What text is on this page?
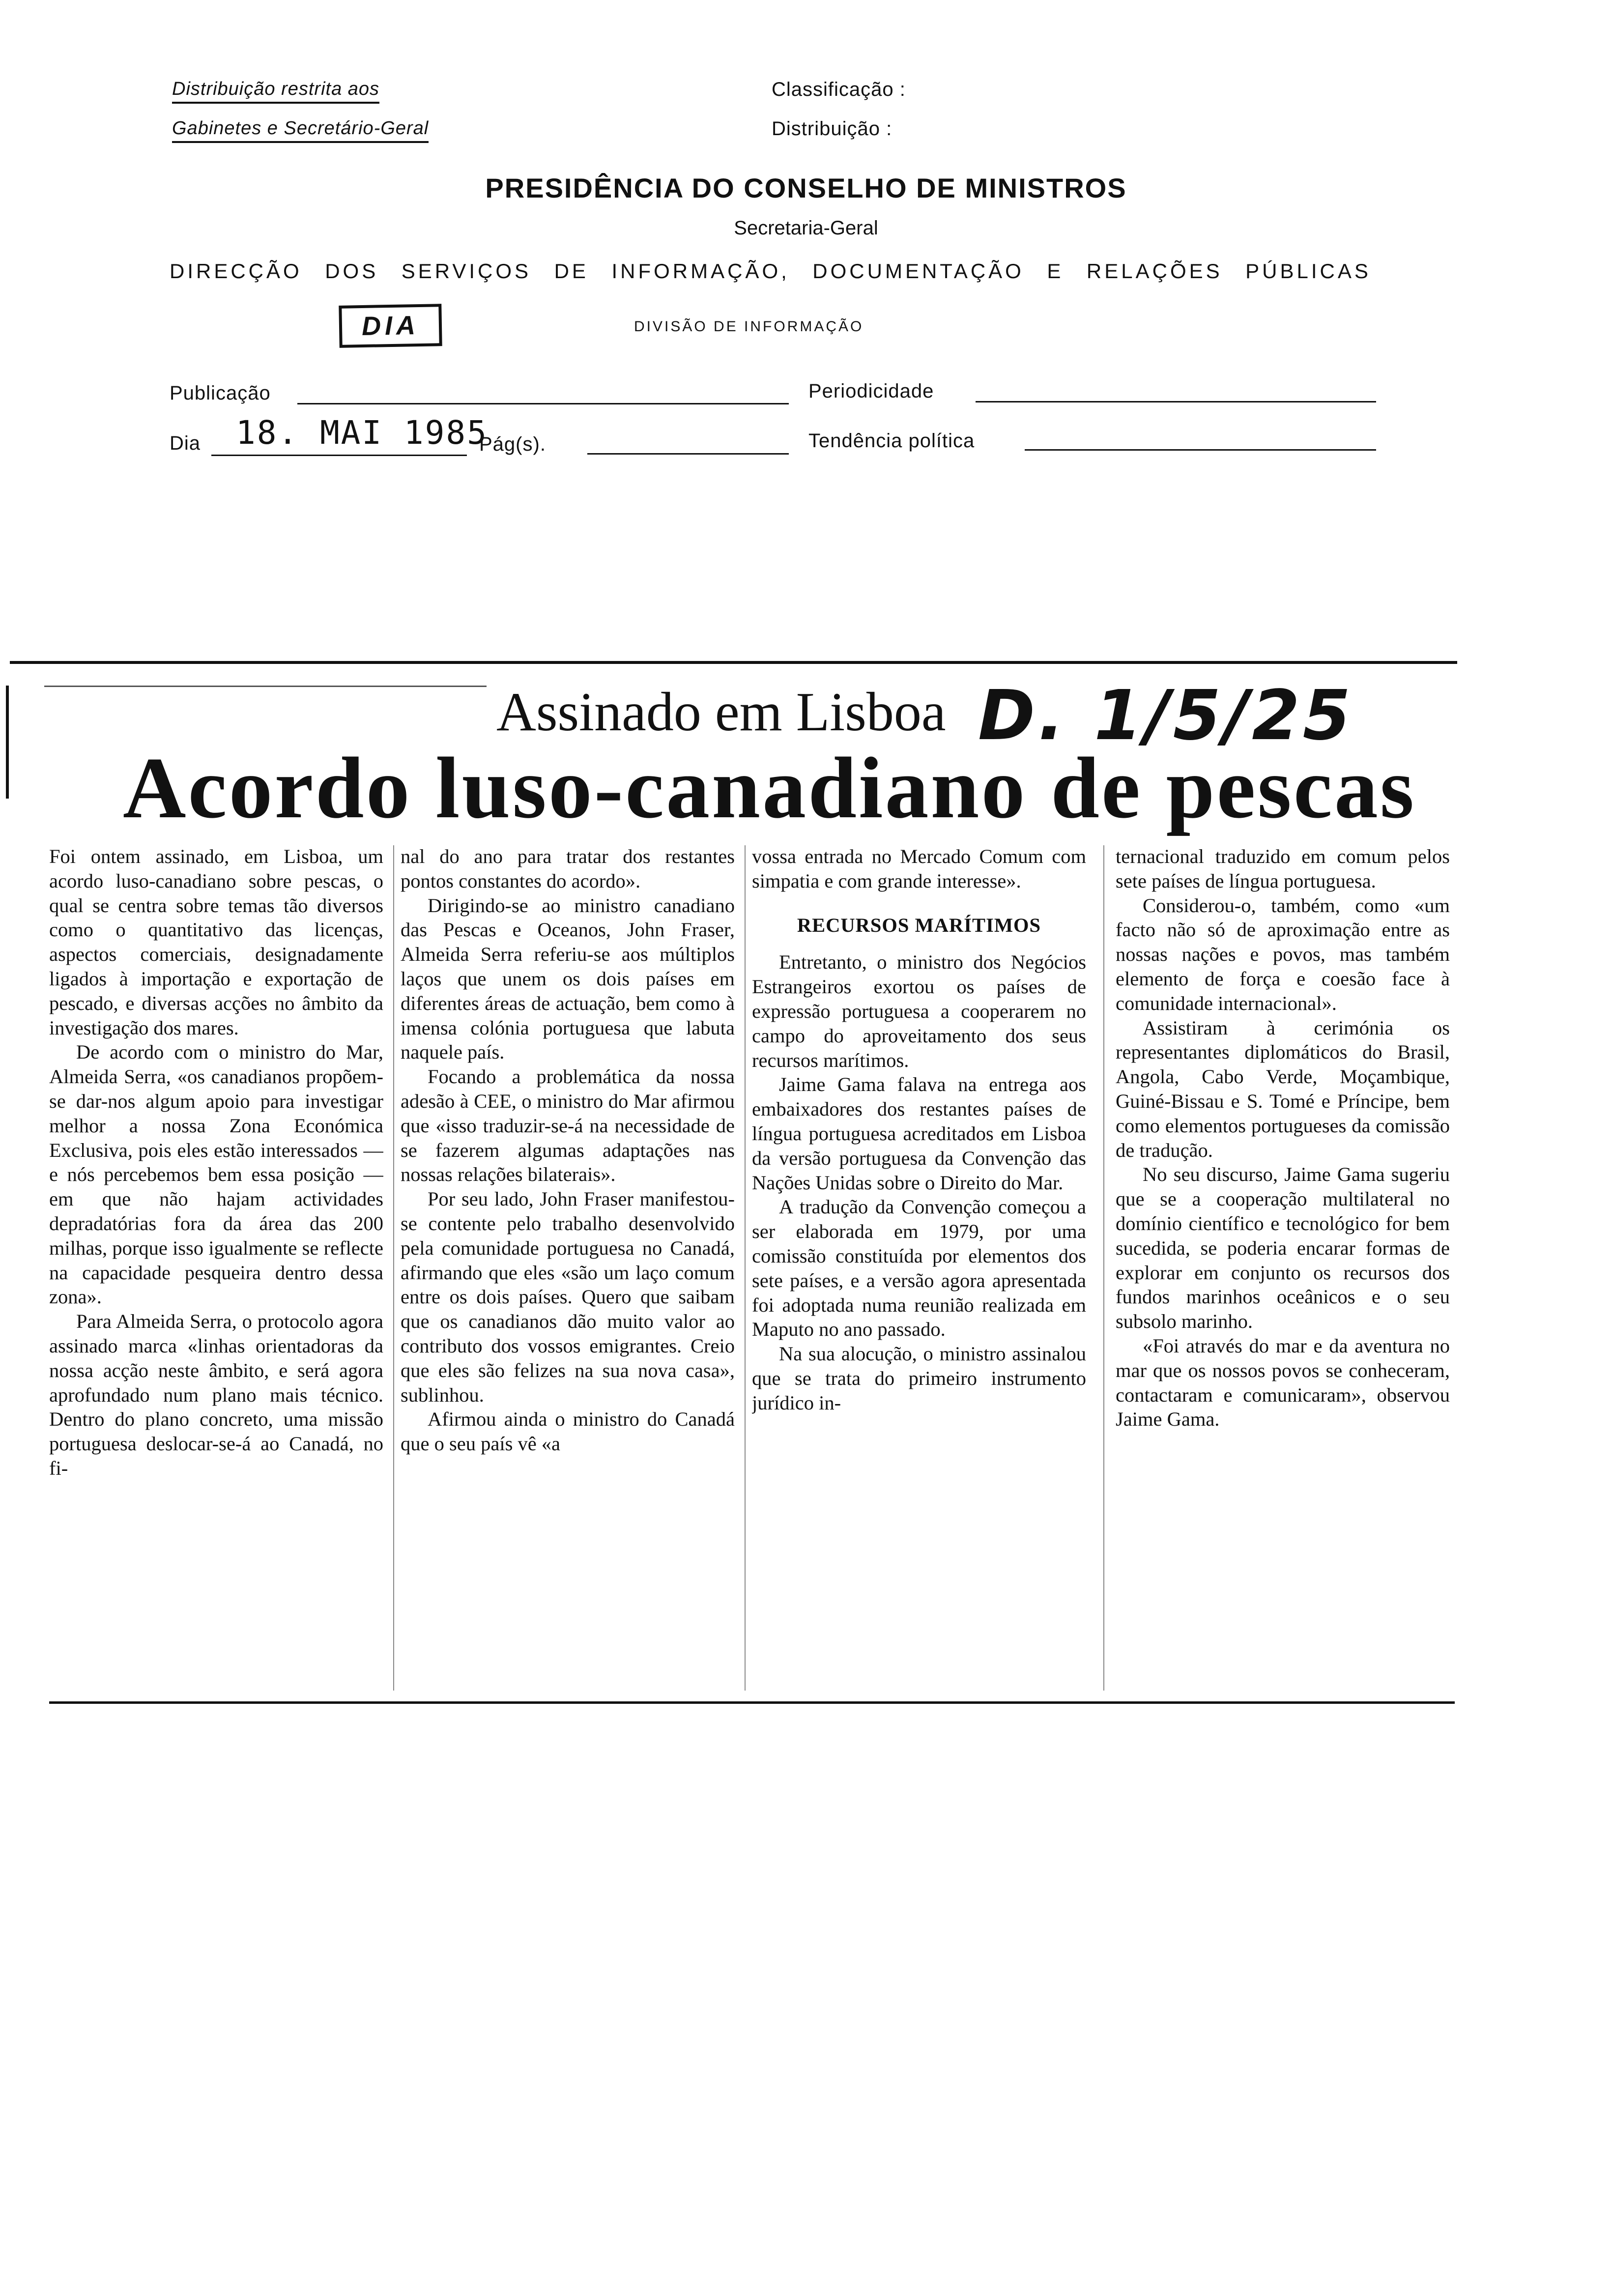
Distribuição restrita aos
Gabinetes e Secretário-Geral
Classificação :
Distribuição :
PRESIDÊNCIA DO CONSELHO DE MINISTROS
Secretaria-Geral
DIRECÇÃO DOS SERVIÇOS DE INFORMAÇÃO, DOCUMENTAÇÃO E RELAÇÕES PÚBLICAS
DIA	DIVISÃO DE INFORMAÇÃO
Publicação	Periodicidade
Dia 18. MAI 1985
Pág(s).	Tendência política
Assinado em Lisboa D. 1/5/25
Acordo luso-canadiano de pescas

Foi ontem assinado, em Lisboa, um acordo luso-canadiano sobre pescas, o qual se centra sobre temas tão diversos como o quantitativo das licenças, aspectos comerciais, designadamente ligados à importação e exportação de pescado, e diversas acções no âmbito da investigação dos mares.

De acordo com o ministro do Mar, Almeida Serra, «os canadianos propõem-se dar-nos algum apoio para investigar melhor a nossa Zona Económica Exclusiva, pois eles estão interessados — e nós percebemos bem essa posição — em que não hajam actividades depradatórias fora da área das 200 milhas, porque isso igualmente se reflecte na capacidade pesqueira dentro dessa zona».

Para Almeida Serra, o protocolo agora assinado marca «linhas orientadoras da nossa acção neste âmbito, e será agora aprofundado num plano mais técnico. Dentro do plano concreto, uma missão portuguesa deslocar-se-á ao Canadá, no fi-

nal do ano para tratar dos restantes pontos constantes do acordo».

Dirigindo-se ao ministro canadiano das Pescas e Oceanos, John Fraser, Almeida Serra referiu-se aos múltiplos laços que unem os dois países em diferentes áreas de actuação, bem como à imensa colónia portuguesa que labuta naquele país.

Focando a problemática da nossa adesão à CEE, o ministro do Mar afirmou que «isso traduzir-se-á na necessidade de se fazerem algumas adaptações nas nossas relações bilaterais».

Por seu lado, John Fraser manifestou-se contente pelo trabalho desenvolvido pela comunidade portuguesa no Canadá, afirmando que eles «são um laço comum entre os dois países. Quero que saibam que os canadianos dão muito valor ao contributo dos vossos emigrantes. Creio que eles são felizes na sua nova casa», sublinhou.

Afirmou ainda o ministro do Canadá que o seu país vê «a

vossa entrada no Mercado Comum com simpatia e com grande interesse».

RECURSOS MARÍTIMOS

Entretanto, o ministro dos Negócios Estrangeiros exortou os países de expressão portuguesa a cooperarem no campo do aproveitamento dos seus recursos marítimos.

Jaime Gama falava na entrega aos embaixadores dos restantes países de língua portuguesa acreditados em Lisboa da versão portuguesa da Convenção das Nações Unidas sobre o Direito do Mar.

A tradução da Convenção começou a ser elaborada em 1979, por uma comissão constituída por elementos dos sete países, e a versão agora apresentada foi adoptada numa reunião realizada em Maputo no ano passado.

Na sua alocução, o ministro assinalou que se trata do primeiro instrumento jurídico in-

ternacional traduzido em comum pelos sete países de língua portuguesa.

Considerou-o, também, como «um facto não só de aproximação entre as nossas nações e povos, mas também elemento de força e coesão face à comunidade internacional».

Assistiram à cerimónia os representantes diplomáticos do Brasil, Angola, Cabo Verde, Moçambique, Guiné-Bissau e S. Tomé e Príncipe, bem como elementos portugueses da comissão de tradução.

No seu discurso, Jaime Gama sugeriu que se a cooperação multilateral no domínio científico e tecnológico for bem sucedida, se poderia encarar formas de explorar em conjunto os recursos dos fundos marinhos oceânicos e o seu subsolo marinho.

«Foi através do mar e da aventura no mar que os nossos povos se conheceram, contactaram e comunicaram», observou Jaime Gama.
